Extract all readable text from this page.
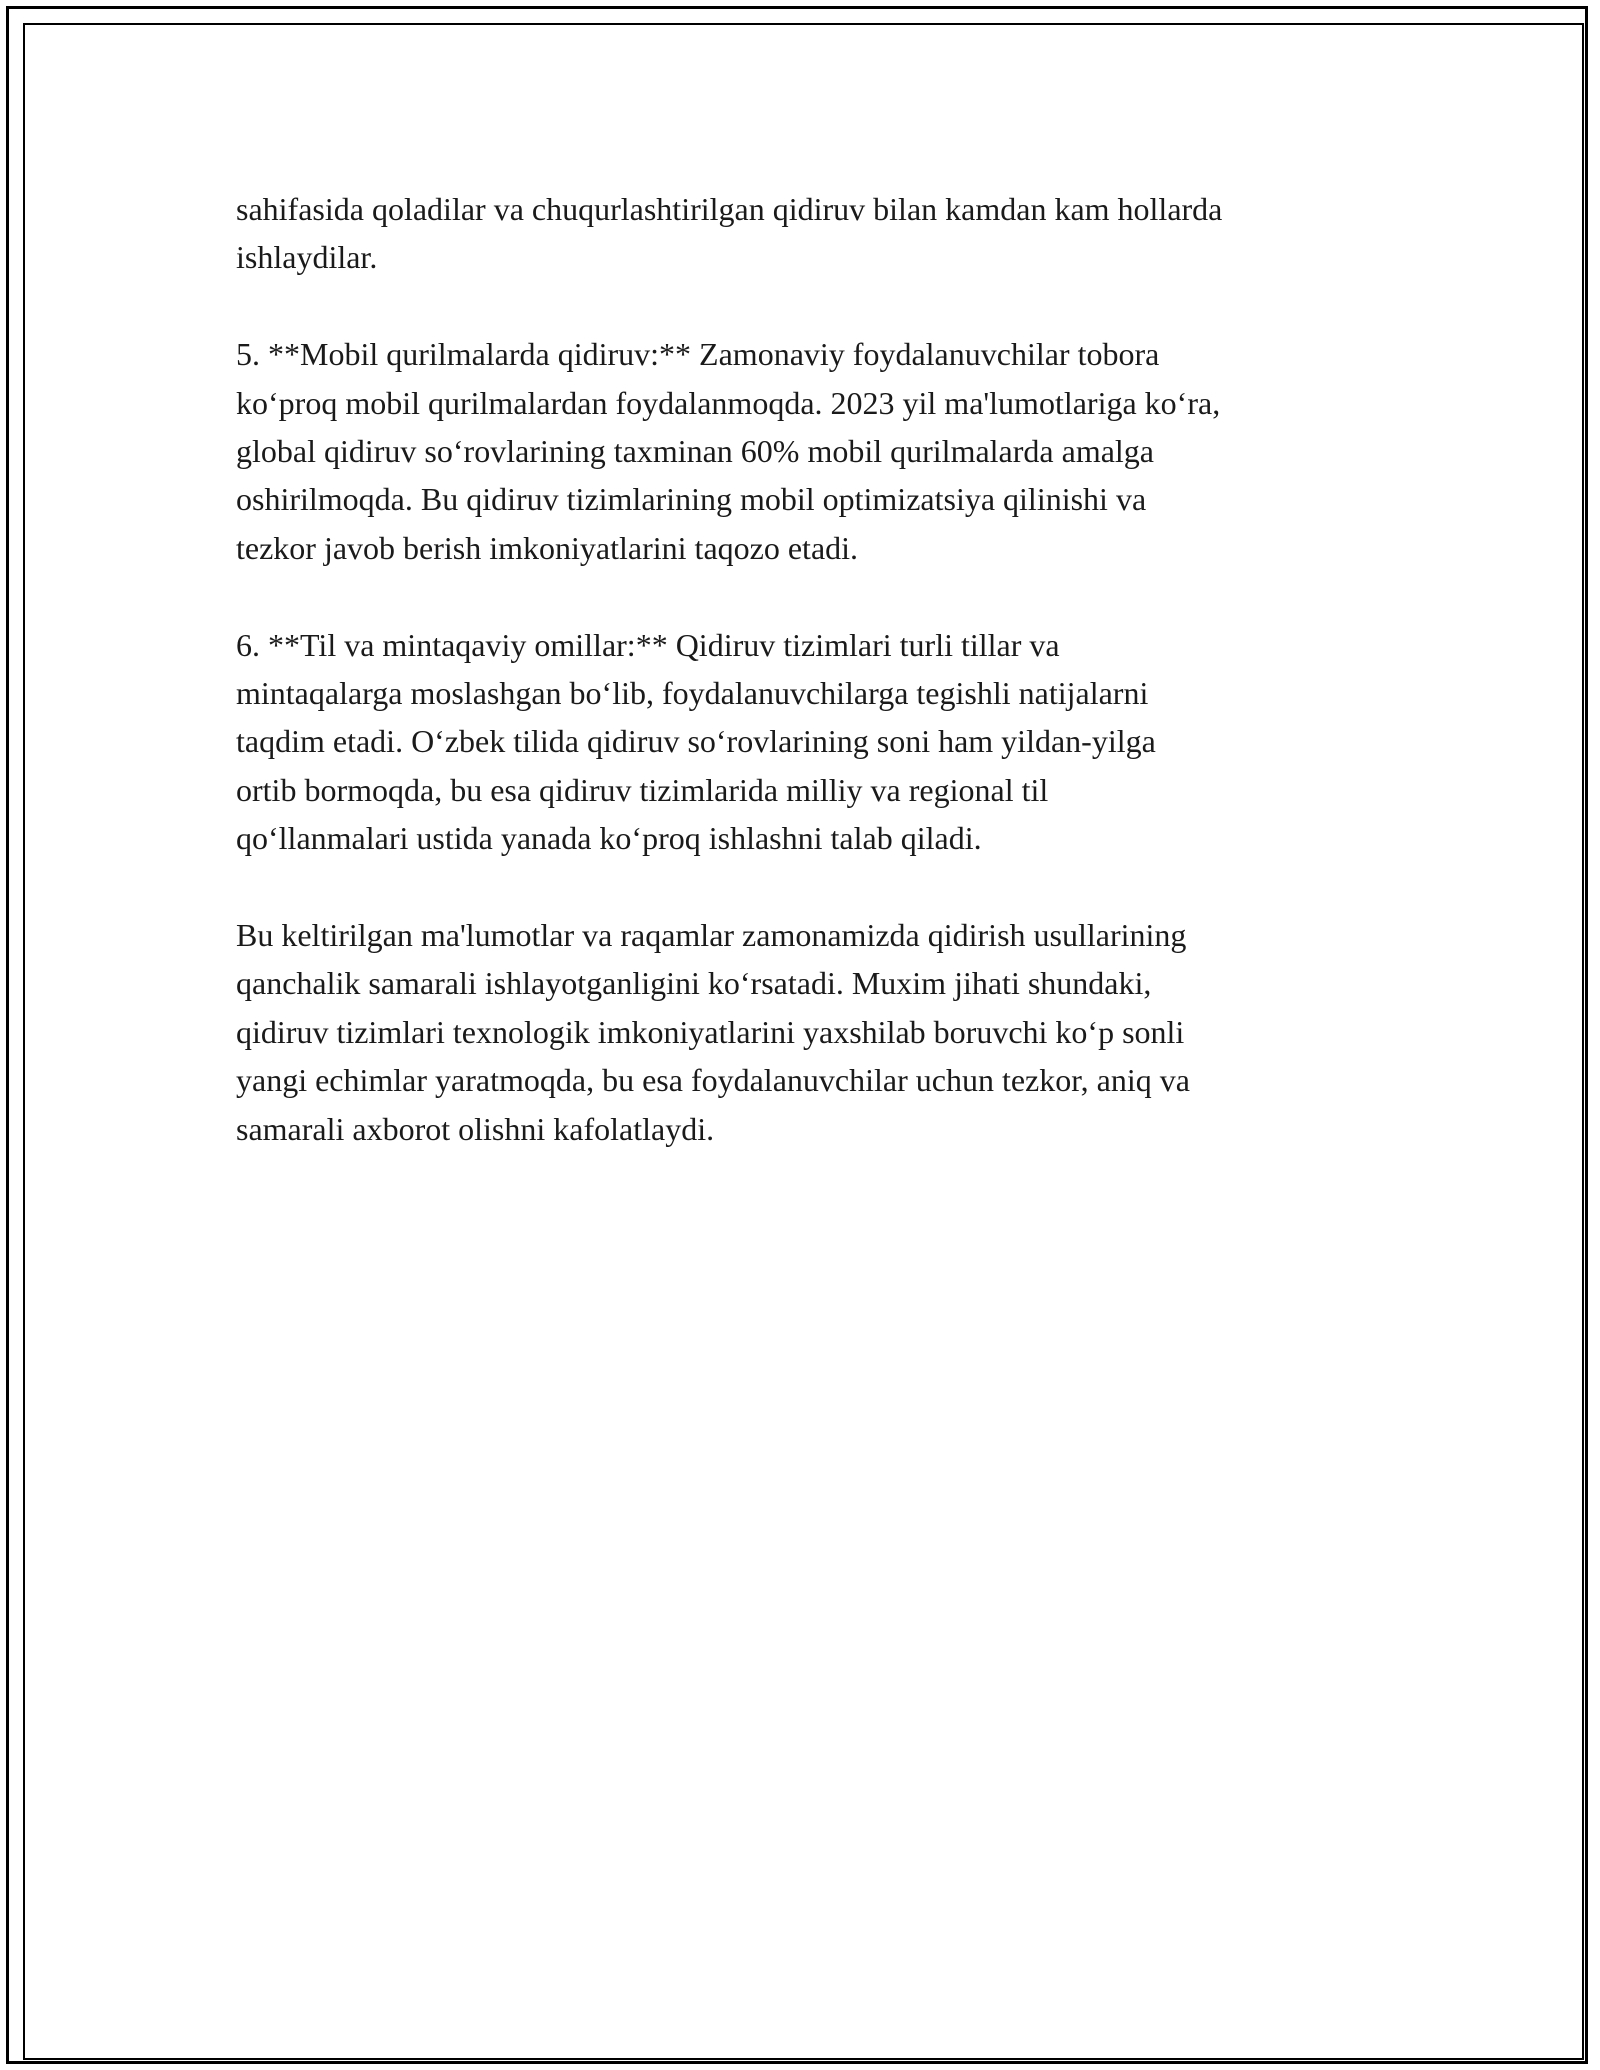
sahifasida qoladilar va chuqurlashtirilgan qidiruv bilan kamdan kam hollarda
ishlaydilar.

5. **Mobil qurilmalarda qidiruv:** Zamonaviy foydalanuvchilar tobora
ko‘proq mobil qurilmalardan foydalanmoqda. 2023 yil ma'lumotlariga ko‘ra,
global qidiruv so‘rovlarining taxminan 60% mobil qurilmalarda amalga
oshirilmoqda. Bu qidiruv tizimlarining mobil optimizatsiya qilinishi va
tezkor javob berish imkoniyatlarini taqozo etadi.

6. **Til va mintaqaviy omillar:** Qidiruv tizimlari turli tillar va
mintaqalarga moslashgan bo‘lib, foydalanuvchilarga tegishli natijalarni
taqdim etadi. O‘zbek tilida qidiruv so‘rovlarining soni ham yildan-yilga
ortib bormoqda, bu esa qidiruv tizimlarida milliy va regional til
qo‘llanmalari ustida yanada ko‘proq ishlashni talab qiladi.

Bu keltirilgan ma'lumotlar va raqamlar zamonamizda qidirish usullarining
qanchalik samarali ishlayotganligini ko‘rsatadi. Muxim jihati shundaki,
qidiruv tizimlari texnologik imkoniyatlarini yaxshilab boruvchi ko‘p sonli
yangi echimlar yaratmoqda, bu esa foydalanuvchilar uchun tezkor, aniq va
samarali axborot olishni kafolatlaydi.
